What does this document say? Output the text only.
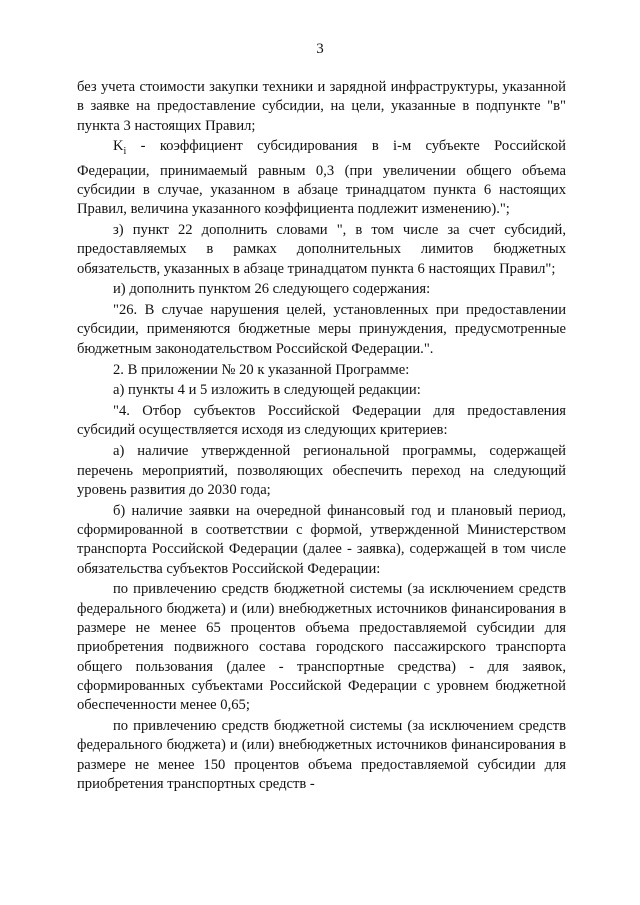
3

без учета стоимости закупки техники и зарядной инфраструктуры, указанной в заявке на предоставление субсидии, на цели, указанные в подпункте "в" пункта 3 настоящих Правил;

$K_i$ - коэффициент субсидирования в i-м субъекте Российской Федерации, принимаемый равным 0,3 (при увеличении общего объема субсидии в случае, указанном в абзаце тринадцатом пункта 6 настоящих Правил, величина указанного коэффициента подлежит изменению).";

з) пункт 22 дополнить словами ", в том числе за счет субсидий, предоставляемых в рамках дополнительных лимитов бюджетных обязательств, указанных в абзаце тринадцатом пункта 6 настоящих Правил";

и) дополнить пунктом 26 следующего содержания:

"26. В случае нарушения целей, установленных при предоставлении субсидии, применяются бюджетные меры принуждения, предусмотренные бюджетным законодательством Российской Федерации.".

2. В приложении № 20 к указанной Программе:

а) пункты 4 и 5 изложить в следующей редакции:

"4. Отбор субъектов Российской Федерации для предоставления субсидий осуществляется исходя из следующих критериев:

а) наличие утвержденной региональной программы, содержащей перечень мероприятий, позволяющих обеспечить переход на следующий уровень развития до 2030 года;

б) наличие заявки на очередной финансовый год и плановый период, сформированной в соответствии с формой, утвержденной Министерством транспорта Российской Федерации (далее - заявка), содержащей в том числе обязательства субъектов Российской Федерации:

по привлечению средств бюджетной системы (за исключением средств федерального бюджета) и (или) внебюджетных источников финансирования в размере не менее 65 процентов объема предоставляемой субсидии для приобретения подвижного состава городского пассажирского транспорта общего пользования (далее - транспортные средства) - для заявок, сформированных субъектами Российской Федерации с уровнем бюджетной обеспеченности менее 0,65;

по привлечению средств бюджетной системы (за исключением средств федерального бюджета) и (или) внебюджетных источников финансирования в размере не менее 150 процентов объема предоставляемой субсидии для приобретения транспортных средств -
